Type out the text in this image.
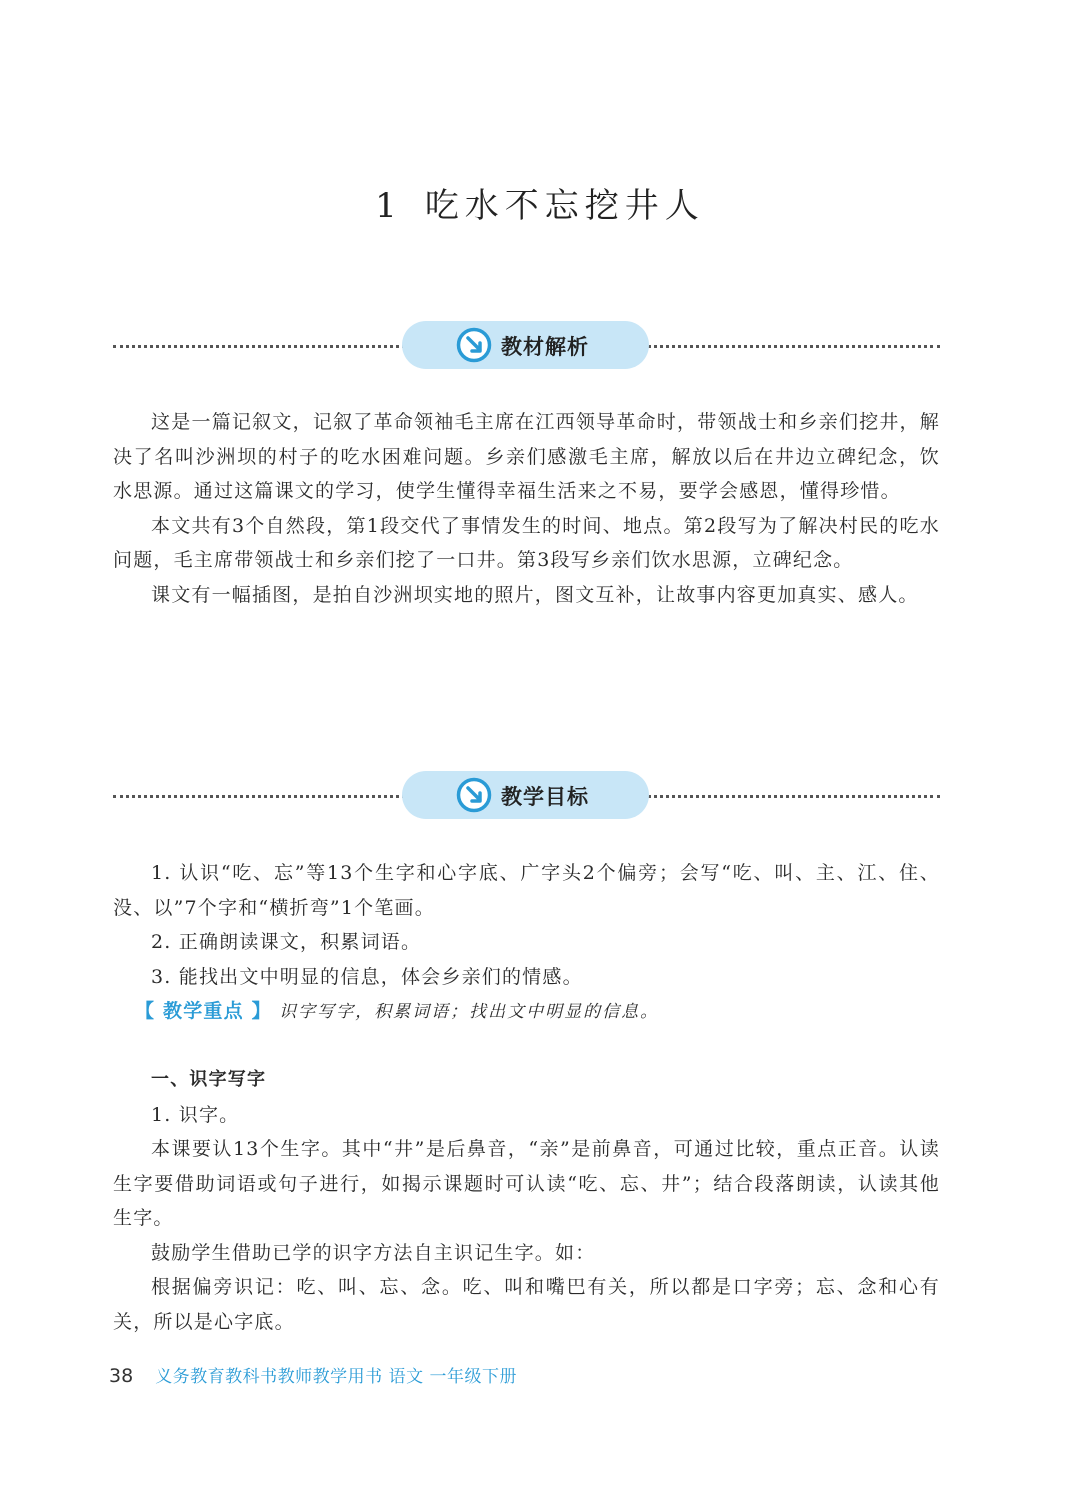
1 吃水不忘挖井人
教材解析

这是一篇记叙文，记叙了革命领袖毛主席在江西领导革命时，带领战士和乡亲们挖井，解决了名叫沙洲坝的村子的吃水困难问题。乡亲们感激毛主席，解放以后在井边立碑纪念，饮水思源。通过这篇课文的学习，使学生懂得幸福生活来之不易，要学会感恩，懂得珍惜。

本文共有3个自然段，第1段交代了事情发生的时间、地点。第2段写为了解决村民的吃水问题，毛主席带领战士和乡亲们挖了一口井。第3段写乡亲们饮水思源，立碑纪念。

课文有一幅插图，是拍自沙洲坝实地的照片，图文互补，让故事内容更加真实、感人。

教学目标

1. 认识“吃、忘”等13个生字和心字底、广字头2个偏旁；会写“吃、叫、主、江、住、没、以”7个字和“横折弯”1个笔画。

2. 正确朗读课文，积累词语。

3. 能找出文中明显的信息，体会乡亲们的情感。

【 教学重点 】 识字写字，积累词语；找出文中明显的信息。

一、识字写字

1. 识字。

本课要认13个生字。其中“井”是后鼻音，“亲”是前鼻音，可通过比较，重点正音。认读生字要借助词语或句子进行，如揭示课题时可认读“吃、忘、井”；结合段落朗读，认读其他生字。

鼓励学生借助已学的识字方法自主识记生字。如：

根据偏旁识记：吃、叫、忘、念。吃、叫和嘴巴有关，所以都是口字旁；忘、念和心有关，所以是心字底。

38 义务教育教科书教师教学用书 语文 一年级下册
